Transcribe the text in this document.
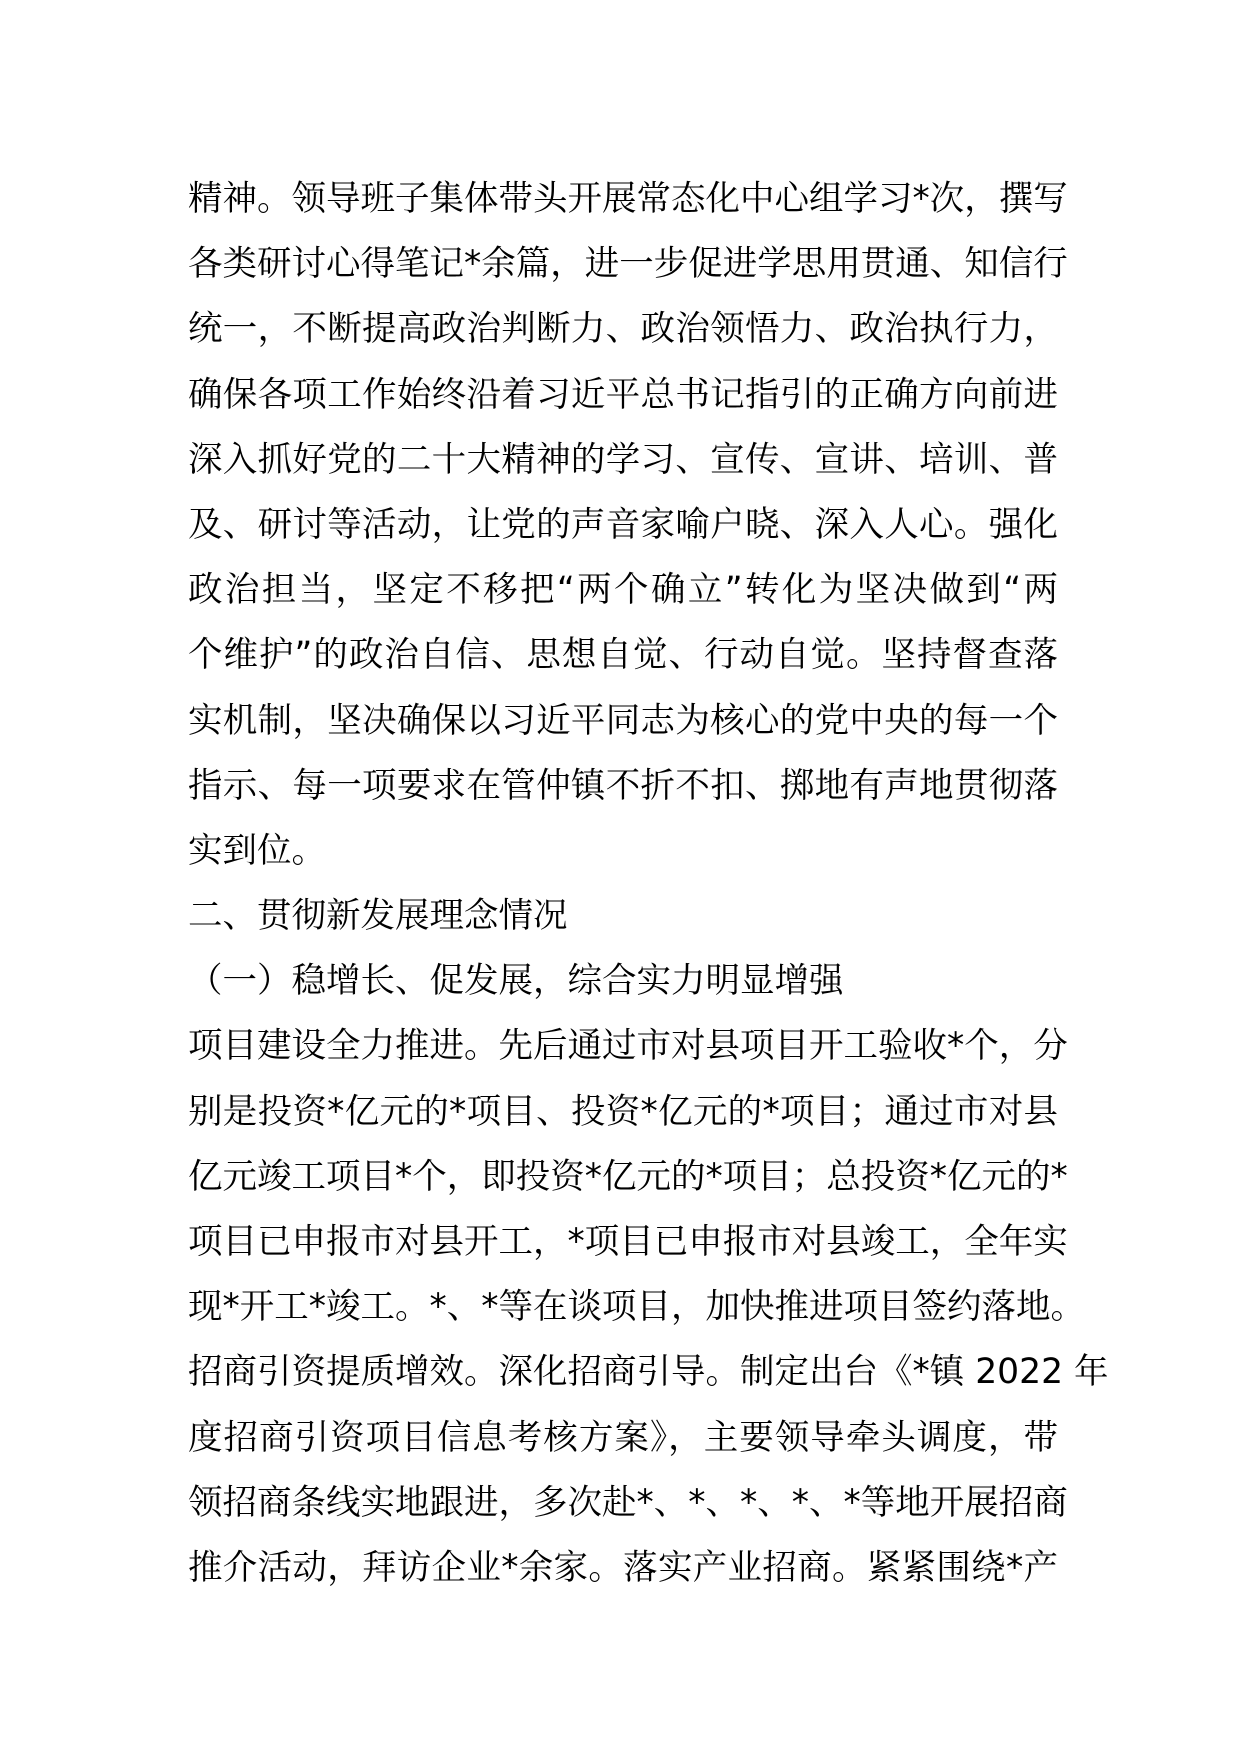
精神。领导班子集体带头开展常态化中心组学习*次，撰写
各类研讨心得笔记*余篇，进一步促进学思用贯通、知信行
统一，不断提高政治判断力、政治领悟力、政治执行力，
确保各项工作始终沿着习近平总书记指引的正确方向前进
深入抓好党的二十大精神的学习、宣传、宣讲、培训、普
及、研讨等活动，让党的声音家喻户晓、深入人心。强化
政治担当，坚定不移把“两个确立”转化为坚决做到“两
个维护”的政治自信、思想自觉、行动自觉。坚持督查落
实机制，坚决确保以习近平同志为核心的党中央的每一个
指示、每一项要求在管仲镇不折不扣、掷地有声地贯彻落
实到位。
二、贯彻新发展理念情况
（一）稳增长、促发展，综合实力明显增强
项目建设全力推进。先后通过市对县项目开工验收*个，分
别是投资*亿元的*项目、投资*亿元的*项目；通过市对县
亿元竣工项目*个，即投资*亿元的*项目；总投资*亿元的*
项目已申报市对县开工，*项目已申报市对县竣工，全年实
现*开工*竣工。*、*等在谈项目，加快推进项目签约落地。
招商引资提质增效。深化招商引导。制定出台《*镇 2022 年
度招商引资项目信息考核方案》，主要领导牵头调度，带
领招商条线实地跟进，多次赴*、*、*、*、*等地开展招商
推介活动，拜访企业*余家。落实产业招商。紧紧围绕*产
